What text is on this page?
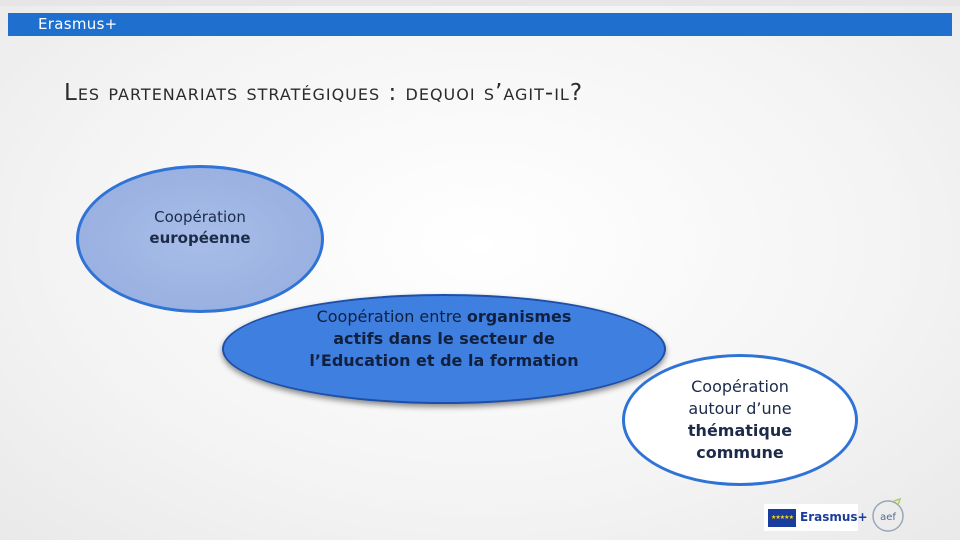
Erasmus+
Les partenariats stratégiques : dequoi s’agit-il?
Coopération
européenne
Coopération entre organismes actifs dans le secteur de l’Education et de la formation
Coopération
autour d’une
thématique
commune
★★★★★ Erasmus+ aef
